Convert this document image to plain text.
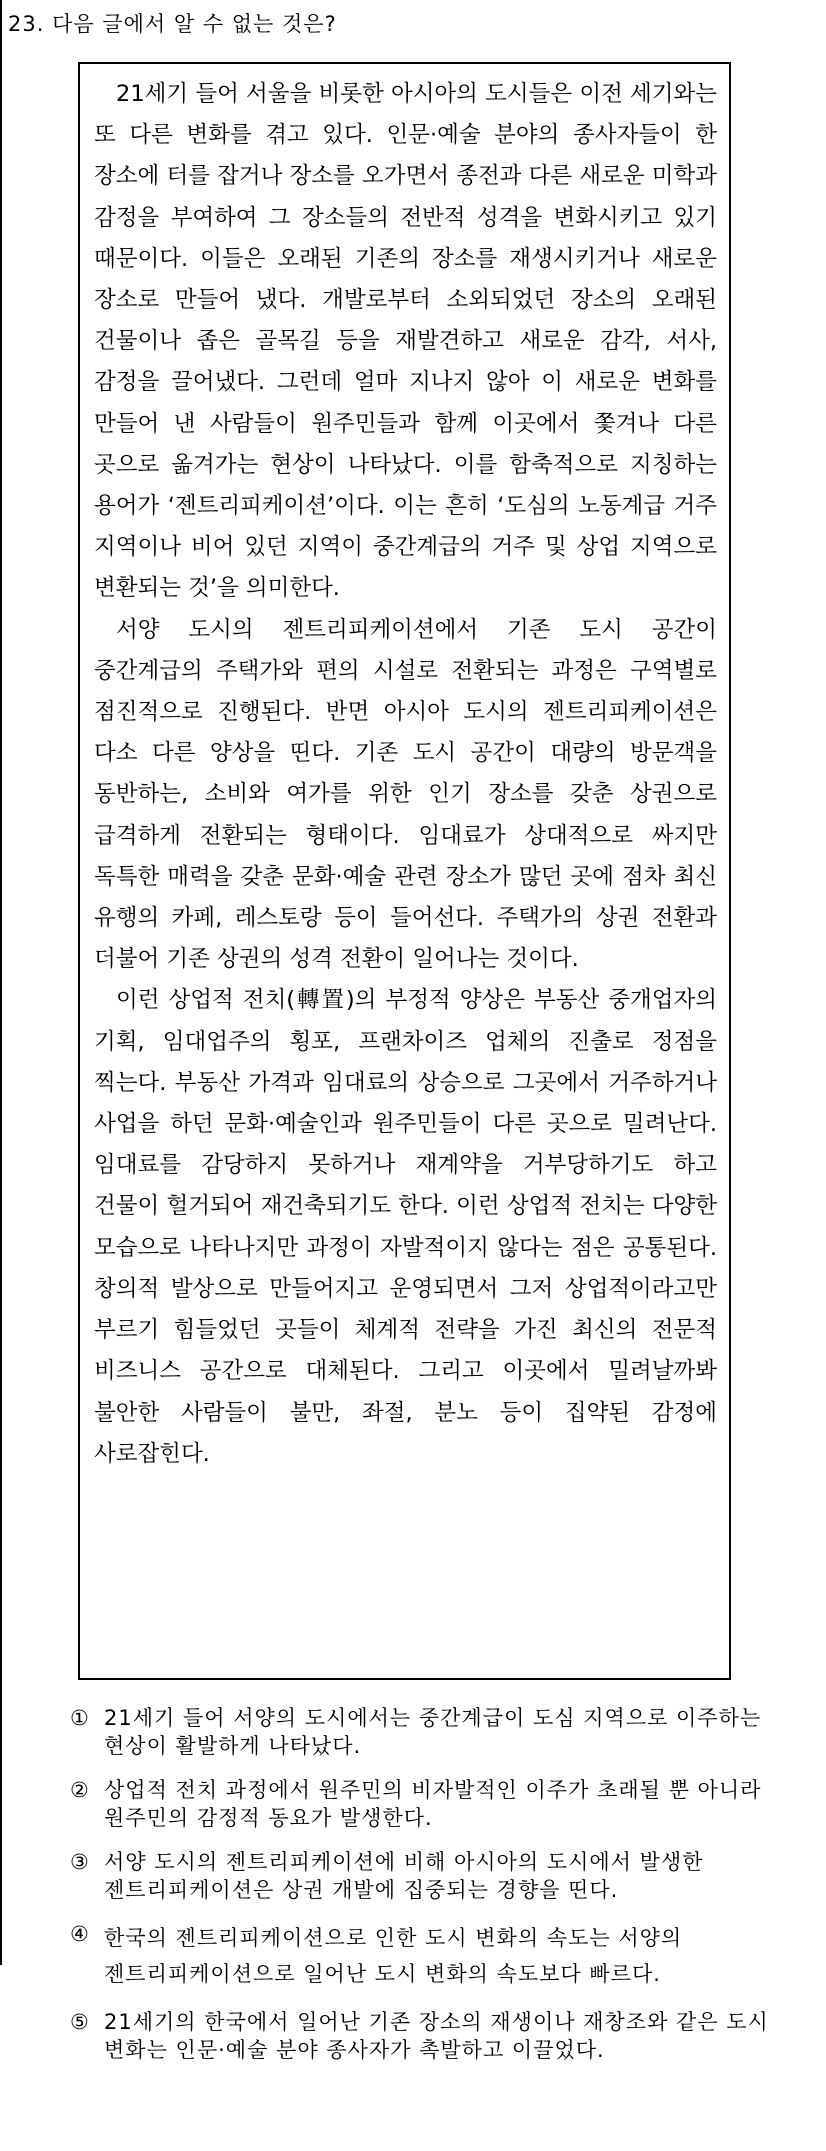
23. 다음 글에서 알 수 없는 것은?

21세기 들어 서울을 비롯한 아시아의 도시들은 이전 세기와는 또 다른 변화를 겪고 있다. 인문·예술 분야의 종사자들이 한 장소에 터를 잡거나 장소를 오가면서 종전과 다른 새로운 미학과 감정을 부여하여 그 장소들의 전반적 성격을 변화시키고 있기 때문이다. 이들은 오래된 기존의 장소를 재생시키거나 새로운 장소로 만들어 냈다. 개발로부터 소외되었던 장소의 오래된 건물이나 좁은 골목길 등을 재발견하고 새로운 감각, 서사, 감정을 끌어냈다. 그런데 얼마 지나지 않아 이 새로운 변화를 만들어 낸 사람들이 원주민들과 함께 이곳에서 쫓겨나 다른 곳으로 옮겨가는 현상이 나타났다. 이를 함축적으로 지칭하는 용어가 ‘젠트리피케이션’이다. 이는 흔히 ‘도심의 노동계급 거주 지역이나 비어 있던 지역이 중간계급의 거주 및 상업 지역으로 변환되는 것’을 의미한다.

서양 도시의 젠트리피케이션에서 기존 도시 공간이 중간계급의 주택가와 편의 시설로 전환되는 과정은 구역별로 점진적으로 진행된다. 반면 아시아 도시의 젠트리피케이션은 다소 다른 양상을 띤다. 기존 도시 공간이 대량의 방문객을 동반하는, 소비와 여가를 위한 인기 장소를 갖춘 상권으로 급격하게 전환되는 형태이다. 임대료가 상대적으로 싸지만 독특한 매력을 갖춘 문화·예술 관련 장소가 많던 곳에 점차 최신 유행의 카페, 레스토랑 등이 들어선다. 주택가의 상권 전환과 더불어 기존 상권의 성격 전환이 일어나는 것이다.

이런 상업적 전치(轉置)의 부정적 양상은 부동산 중개업자의 기획, 임대업주의 횡포, 프랜차이즈 업체의 진출로 정점을 찍는다. 부동산 가격과 임대료의 상승으로 그곳에서 거주하거나 사업을 하던 문화·예술인과 원주민들이 다른 곳으로 밀려난다. 임대료를 감당하지 못하거나 재계약을 거부당하기도 하고 건물이 헐거되어 재건축되기도 한다. 이런 상업적 전치는 다양한 모습으로 나타나지만 과정이 자발적이지 않다는 점은 공통된다. 창의적 발상으로 만들어지고 운영되면서 그저 상업적이라고만 부르기 힘들었던 곳들이 체계적 전략을 가진 최신의 전문적 비즈니스 공간으로 대체된다. 그리고 이곳에서 밀려날까봐 불안한 사람들이 불만, 좌절, 분노 등이 집약된 감정에 사로잡힌다.

① 21세기 들어 서양의 도시에서는 중간계급이 도심 지역으로 이주하는 현상이 활발하게 나타났다.
② 상업적 전치 과정에서 원주민의 비자발적인 이주가 초래될 뿐 아니라 원주민의 감정적 동요가 발생한다.
③ 서양 도시의 젠트리피케이션에 비해 아시아의 도시에서 발생한 젠트리피케이션은 상권 개발에 집중되는 경향을 띤다.
④ 한국의 젠트리피케이션으로 인한 도시 변화의 속도는 서양의 젠트리피케이션으로 일어난 도시 변화의 속도보다 빠르다.
⑤ 21세기의 한국에서 일어난 기존 장소의 재생이나 재창조와 같은 도시 변화는 인문·예술 분야 종사자가 촉발하고 이끌었다.
